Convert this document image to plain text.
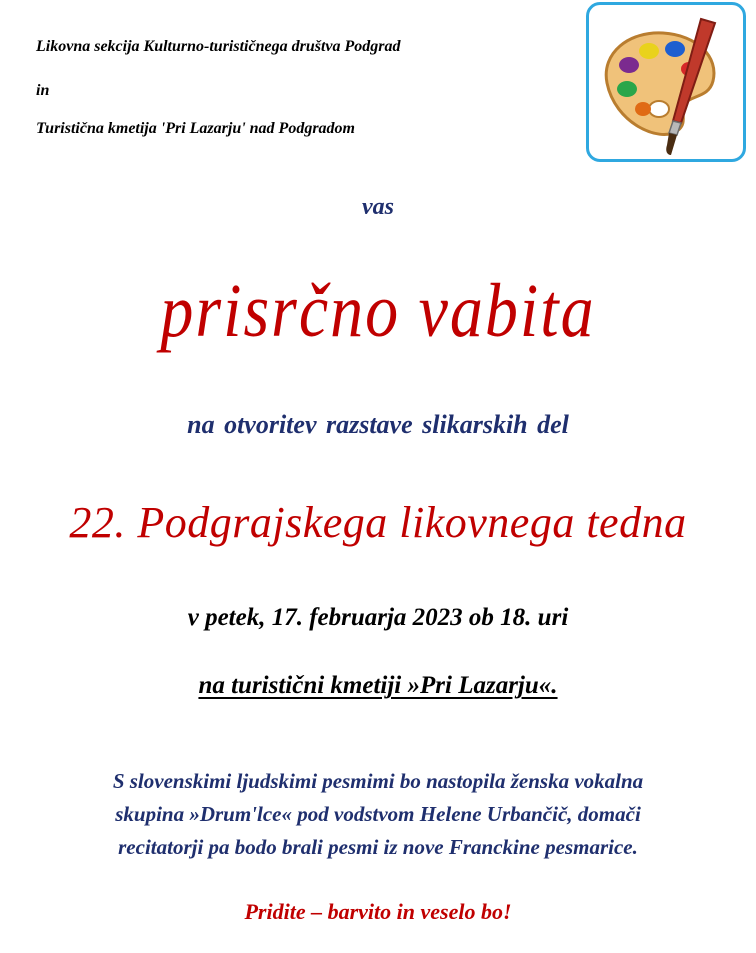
Likovna sekcija Kulturno-turističnega društva Podgrad
in
Turistična kmetija 'Pri Lazarju' nad Podgradom
vas
prisrčno vabita
na otvoritev razstave slikarskih del
22. Podgrajskega likovnega tedna
v petek, 17. februarja 2023 ob 18. uri
na turistični kmetiji »Pri Lazarju«.
S slovenskimi ljudskimi pesmimi bo nastopila ženska vokalna
skupina »Drum'lce« pod vodstvom Helene Urbančič, domači
recitatorji pa bodo brali pesmi iz nove Franckine pesmarice.
Pridite – barvito in veselo bo!
